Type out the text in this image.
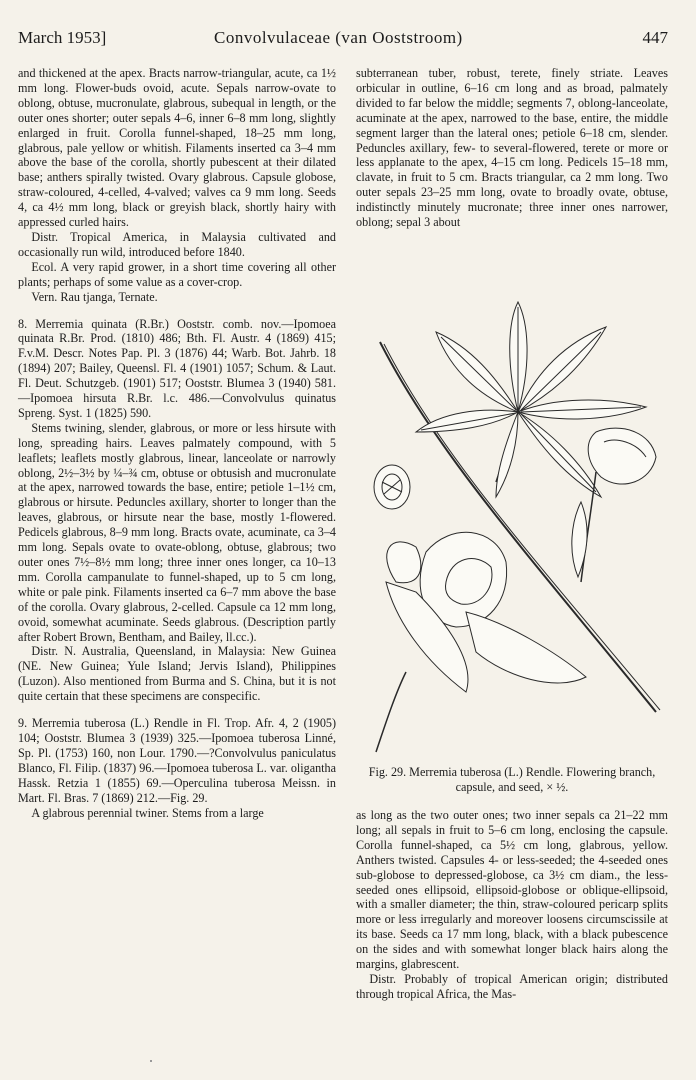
March 1953]	Convolvulaceae (van Ooststroom)	447
and thickened at the apex. Bracts narrow-triangular, acute, ca 1½ mm long. Flower-buds ovoid, acute. Sepals narrow-ovate to oblong, obtuse, mucronulate, glabrous, subequal in length, or the outer ones shorter; outer sepals 4–6, inner 6–8 mm long, slightly enlarged in fruit. Corolla funnel-shaped, 18–25 mm long, glabrous, pale yellow or whitish. Filaments inserted ca 3–4 mm above the base of the corolla, shortly pubescent at their dilated base; anthers spirally twisted. Ovary glabrous. Capsule globose, straw-coloured, 4-celled, 4-valved; valves ca 9 mm long. Seeds 4, ca 4½ mm long, black or greyish black, shortly hairy with appressed curled hairs.
Distr. Tropical America, in Malaysia cultivated and occasionally run wild, introduced before 1840.
Ecol. A very rapid grower, in a short time covering all other plants; perhaps of some value as a cover-crop.
Vern. Rau tjanga, Ternate.
8. Merremia quinata (R.Br.) Ooststr. comb. nov.—Ipomoea quinata R.Br. Prod. (1810) 486; Bth. Fl. Austr. 4 (1869) 415; F.v.M. Descr. Notes Pap. Pl. 3 (1876) 44; Warb. Bot. Jahrb. 18 (1894) 207; Bailey, Queensl. Fl. 4 (1901) 1057; Schum. & Laut. Fl. Deut. Schutzgeb. (1901) 517; Ooststr. Blumea 3 (1940) 581.—Ipomoea hirsuta R.Br. l.c. 486.—Convolvulus quinatus Spreng. Syst. 1 (1825) 590.
Stems twining, slender, glabrous, or more or less hirsute with long, spreading hairs. Leaves palmately compound, with 5 leaflets; leaflets mostly glabrous, linear, lanceolate or narrowly oblong, 2½–3½ by ¼–¾ cm, obtuse or obtusish and mucronulate at the apex, narrowed towards the base, entire; petiole 1–1½ cm, glabrous or hirsute. Peduncles axillary, shorter to longer than the leaves, glabrous, or hirsute near the base, mostly 1-flowered. Pedicels glabrous, 8–9 mm long. Bracts ovate, acuminate, ca 3–4 mm long. Sepals ovate to ovate-oblong, obtuse, glabrous; two outer ones 7½–8½ mm long; three inner ones longer, ca 10–13 mm. Corolla campanulate to funnel-shaped, up to 5 cm long, white or pale pink. Filaments inserted ca 6–7 mm above the base of the corolla. Ovary glabrous, 2-celled. Capsule ca 12 mm long, ovoid, somewhat acuminate. Seeds glabrous. (Description partly after Robert Brown, Bentham, and Bailey, ll.cc.).
Distr. N. Australia, Queensland, in Malaysia: New Guinea (NE. New Guinea; Yule Island; Jervis Island), Philippines (Luzon). Also mentioned from Burma and S. China, but it is not quite certain that these specimens are conspecific.
9. Merremia tuberosa (L.) Rendle in Fl. Trop. Afr. 4, 2 (1905) 104; Ooststr. Blumea 3 (1939) 325.—Ipomoea tuberosa Linné, Sp. Pl. (1753) 160, non Lour. 1790.—?Convolvulus paniculatus Blanco, Fl. Filip. (1837) 96.—Ipomoea tuberosa L. var. oligantha Hassk. Retzia 1 (1855) 69.—Operculina tuberosa Meissn. in Mart. Fl. Bras. 7 (1869) 212.—Fig. 29.
A glabrous perennial twiner. Stems from a large
subterranean tuber, robust, terete, finely striate. Leaves orbicular in outline, 6–16 cm long and as broad, palmately divided to far below the middle; segments 7, oblong-lanceolate, acuminate at the apex, narrowed to the base, entire, the middle segment larger than the lateral ones; petiole 6–18 cm, slender. Peduncles axillary, few- to several-flowered, terete or more or less applanate to the apex, 4–15 cm long. Pedicels 15–18 mm, clavate, in fruit to 5 cm. Bracts triangular, ca 2 mm long. Two outer sepals 23–25 mm long, ovate to broadly ovate, obtuse, indistinctly minutely mucronate; three inner ones narrower, oblong; sepal 3 about
Fig. 29. Merremia tuberosa (L.) Rendle. Flowering branch, capsule, and seed, × ½.
as long as the two outer ones; two inner sepals ca 21–22 mm long; all sepals in fruit to 5–6 cm long, enclosing the capsule. Corolla funnel-shaped, ca 5½ cm long, glabrous, yellow. Anthers twisted. Capsules 4- or less-seeded; the 4-seeded ones sub-globose to depressed-globose, ca 3½ cm diam., the less-seeded ones ellipsoid, ellipsoid-globose or oblique-ellipsoid, with a smaller diameter; the thin, straw-coloured pericarp splits more or less irregularly and moreover loosens circumscissile at its base. Seeds ca 17 mm long, black, with a black pubescence on the sides and with somewhat longer black hairs along the margins, glabrescent.
Distr. Probably of tropical American origin; distributed through tropical Africa, the Mas-
